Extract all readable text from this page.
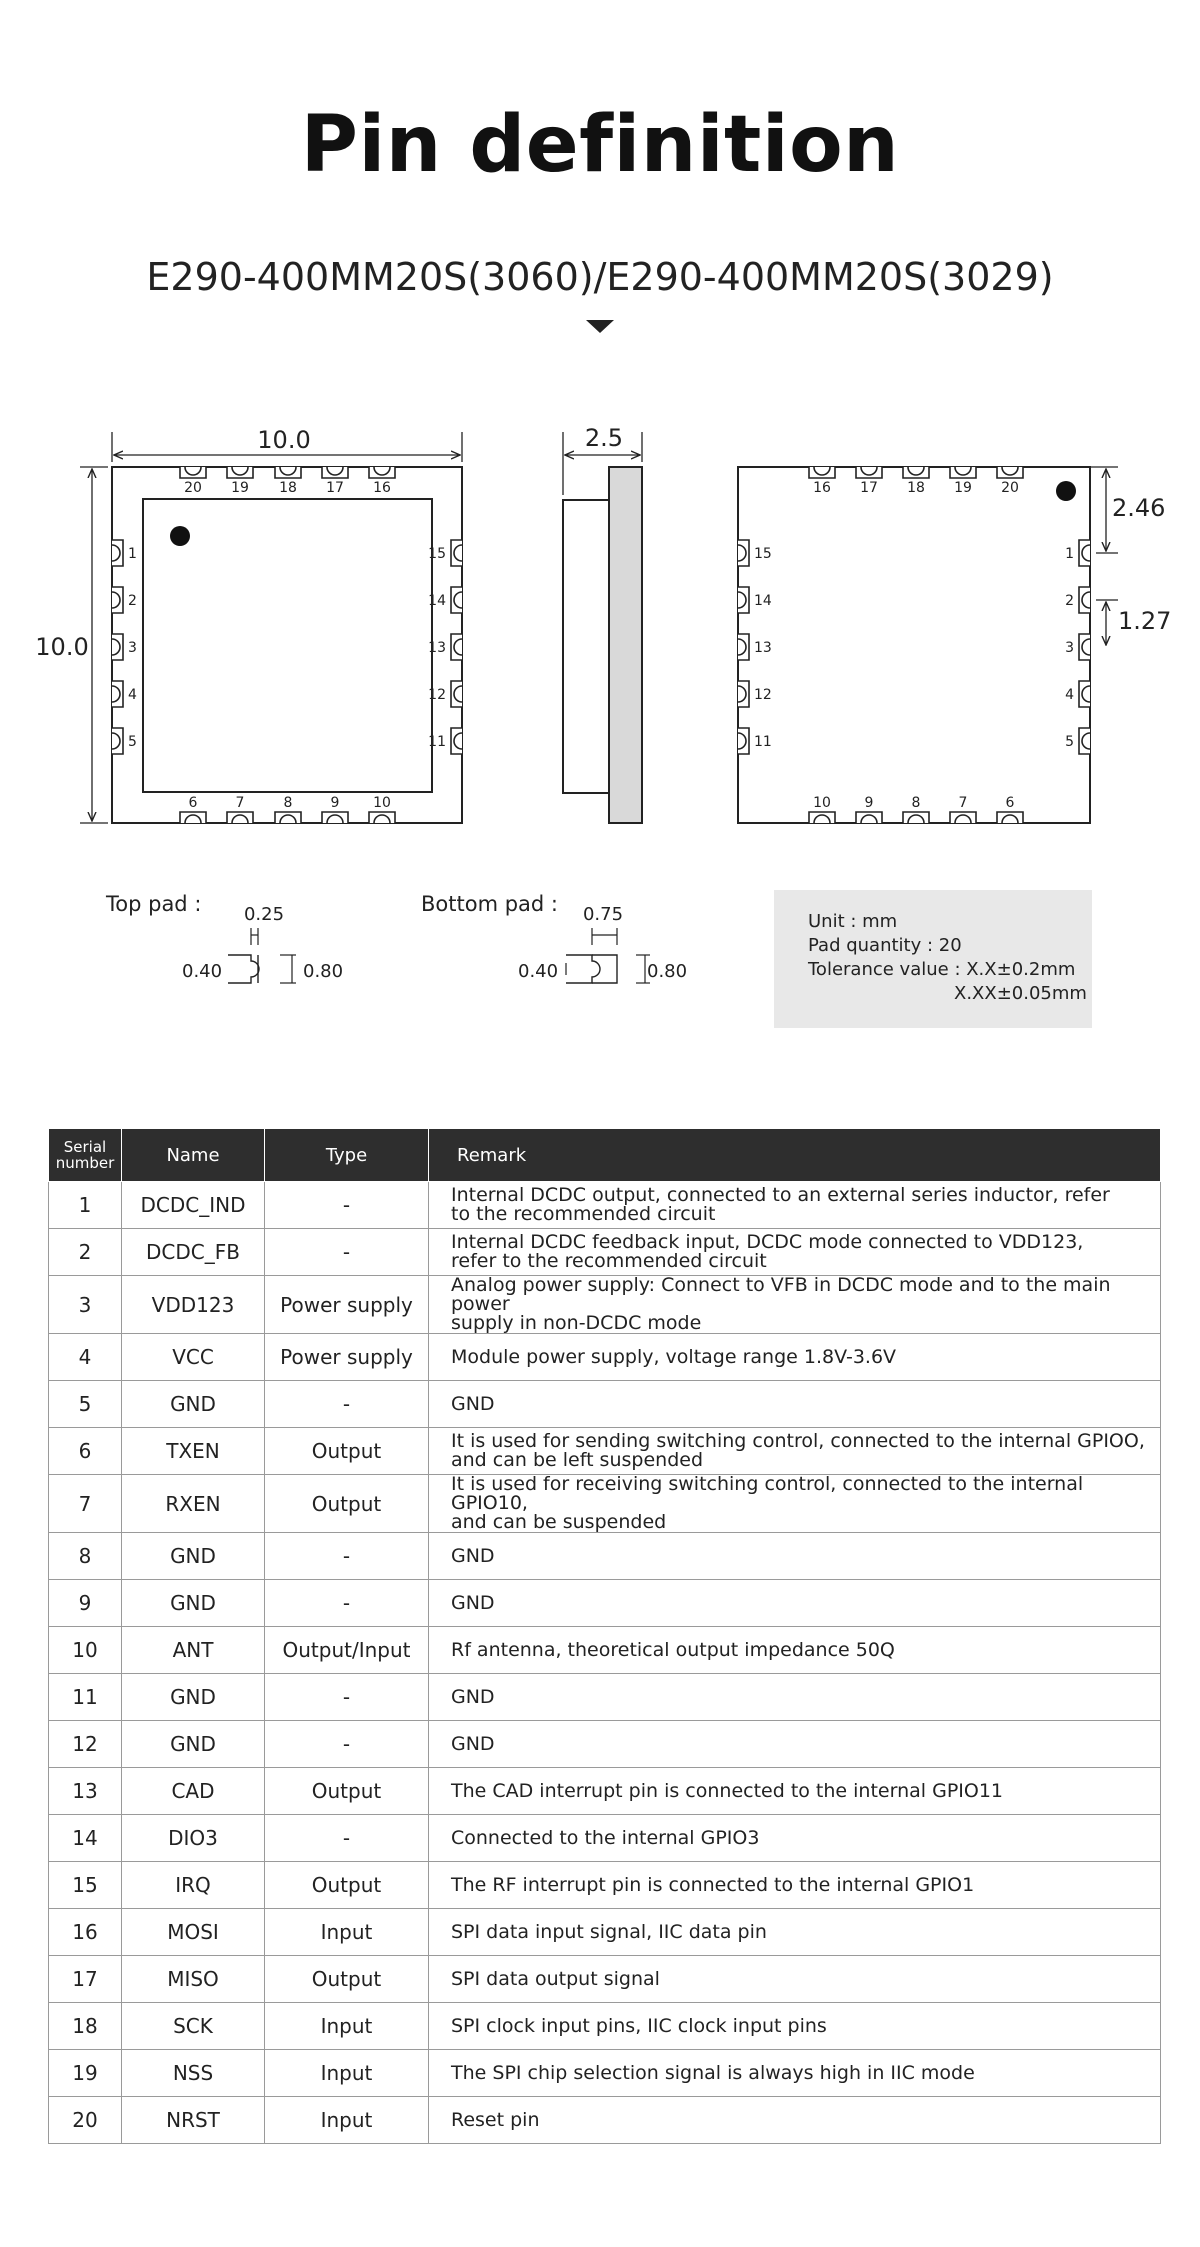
Pin definition
E290-400MM20S(3060)/E290-400MM20S(3029)
20 19 18 17 16
6	7	8	9 10
1
2
3
4
5
15
14
13
12
11
10.0
10.0
2.5
16 17 18 19 20
10 9	8	7	6
15
14
13
12
11
1
2
3
4
5
2.46
1.27
Top pad : 0.25
0.40	0.80
Bottom pad : 0.75
0.40	0.80
Unit : mm
Pad quantity : 20
Tolerance value : X.X±0.2mm
X.XX±0.05mm
Serial
number	Name	Type	Remark
1	DCDC_IND	-	Internal DCDC output, connected to an external series inductor, refer
to the recommended circuit

2	DCDC_FB	-	Internal DCDC feedback input, DCDC mode connected to VDD123,
refer to the recommended circuit

3	VDD123	Power supply	Analog power supply: Connect to VFB in DCDC mode and to the main power
supply in non-DCDC mode

4	VCC	Power supply	Module power supply, voltage range 1.8V-3.6V

5	GND	-	GND

6	TXEN	Output	It is used for sending switching control, connected to the internal GPIOO,
and can be left suspended

7	RXEN	Output	It is used for receiving switching control, connected to the internal GPIO10,
and can be suspended

8	GND	-	GND

9	GND	-	GND

10	ANT	Output/Input	Rf antenna, theoretical output impedance 50Q

11	GND	-	GND

12	GND	-	GND

13	CAD	Output	The CAD interrupt pin is connected to the internal GPIO11

14	DIO3	-	Connected to the internal GPIO3

15	IRQ	Output	The RF interrupt pin is connected to the internal GPIO1

16	MOSI	Input	SPI data input signal, IIC data pin

17	MISO	Output	SPI data output signal

18	SCK	Input	SPI clock input pins, IIC clock input pins

19	NSS	Input	The SPI chip selection signal is always high in IIC mode

20	NRST	Input	Reset pin
